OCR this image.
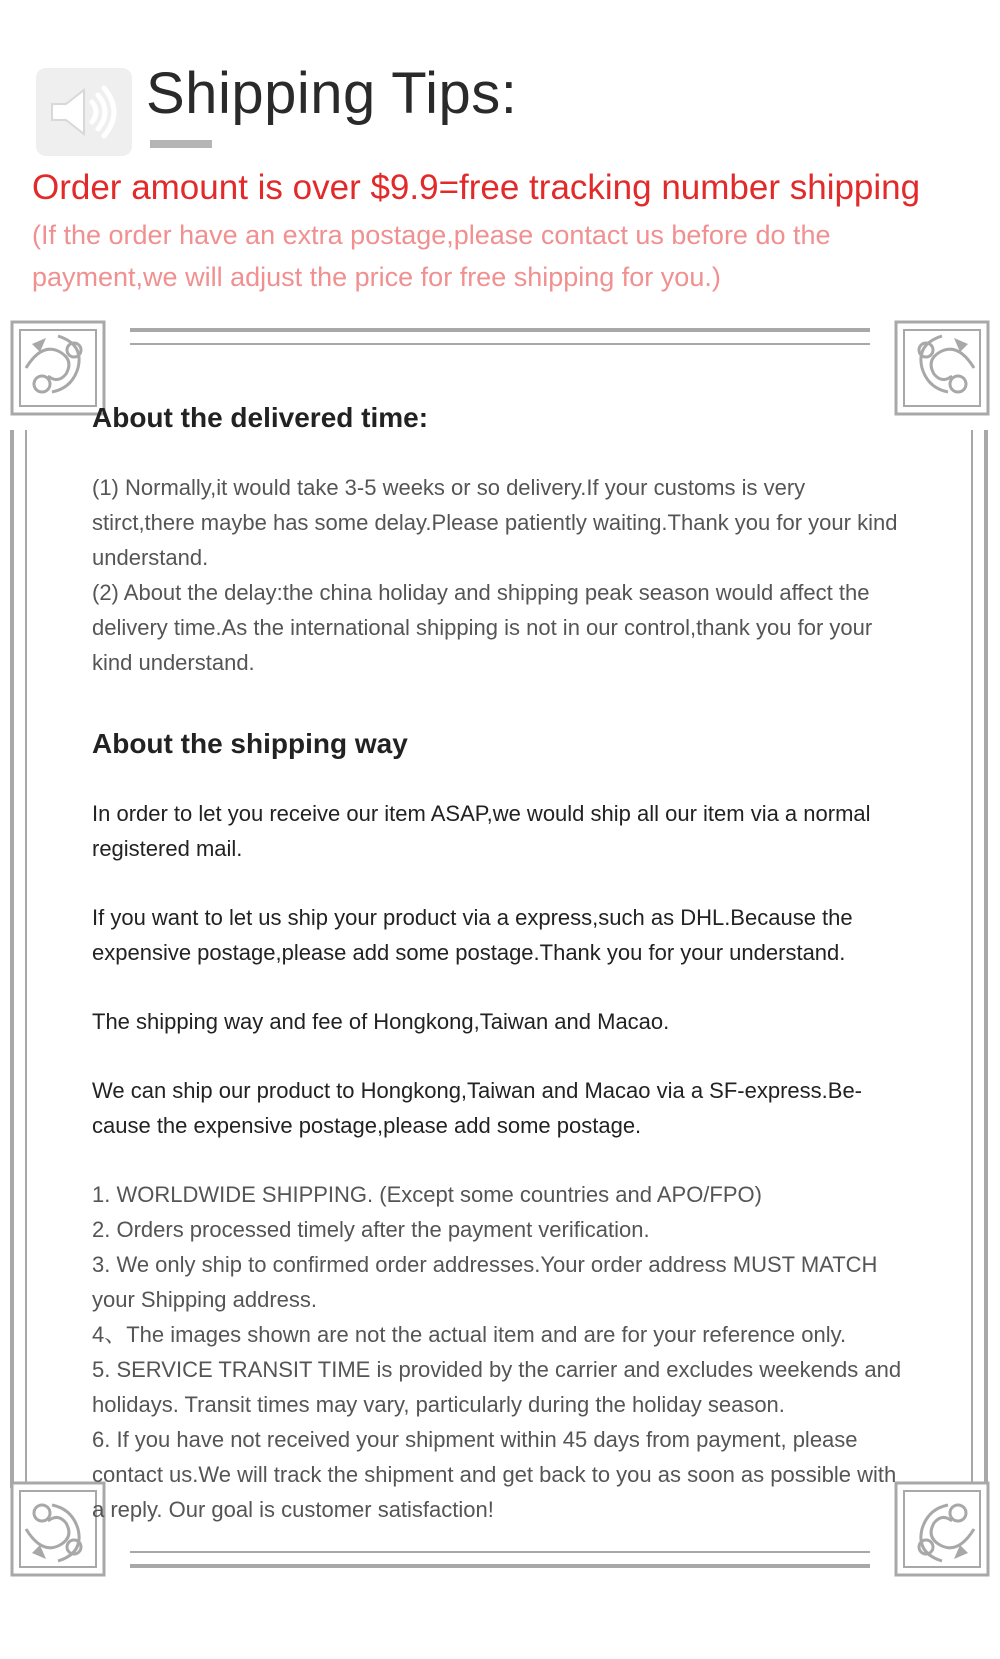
Shipping Tips:
Order amount is over $9.9=free tracking number shipping
(If the order have an extra postage,please contact us before do the payment,we will adjust the price for free shipping for you.)
About the delivered time:

(1) Normally,it would take 3-5 weeks or so delivery.If your customs is very stirct,there maybe has some delay.Please patiently waiting.Thank you for your kind understand.

(2) About the delay:the china holiday and shipping peak season would affect the delivery time.As the international shipping is not in our control,thank you for your kind understand.

About the shipping way

In order to let you receive our item ASAP,we would ship all our item via a normal registered mail.

If you want to let us ship your product via a express,such as DHL.Because the expensive postage,please add some postage.Thank you for your understand.

The shipping way and fee of Hongkong,Taiwan and Macao.

We can ship our product to Hongkong,Taiwan and Macao via a SF-express.Be-cause the expensive postage,please add some postage.

1. WORLDWIDE SHIPPING. (Except some countries and APO/FPO)

2. Orders processed timely after the payment verification.

3. We only ship to confirmed order addresses.Your order address MUST MATCH your Shipping address.

4、The images shown are not the actual item and are for your reference only.

5. SERVICE TRANSIT TIME is provided by the carrier and excludes weekends and holidays. Transit times may vary, particularly during the holiday season.

6. If you have not received your shipment within 45 days from payment, please contact us.We will track the shipment and get back to you as soon as possible with a reply. Our goal is customer satisfaction!
